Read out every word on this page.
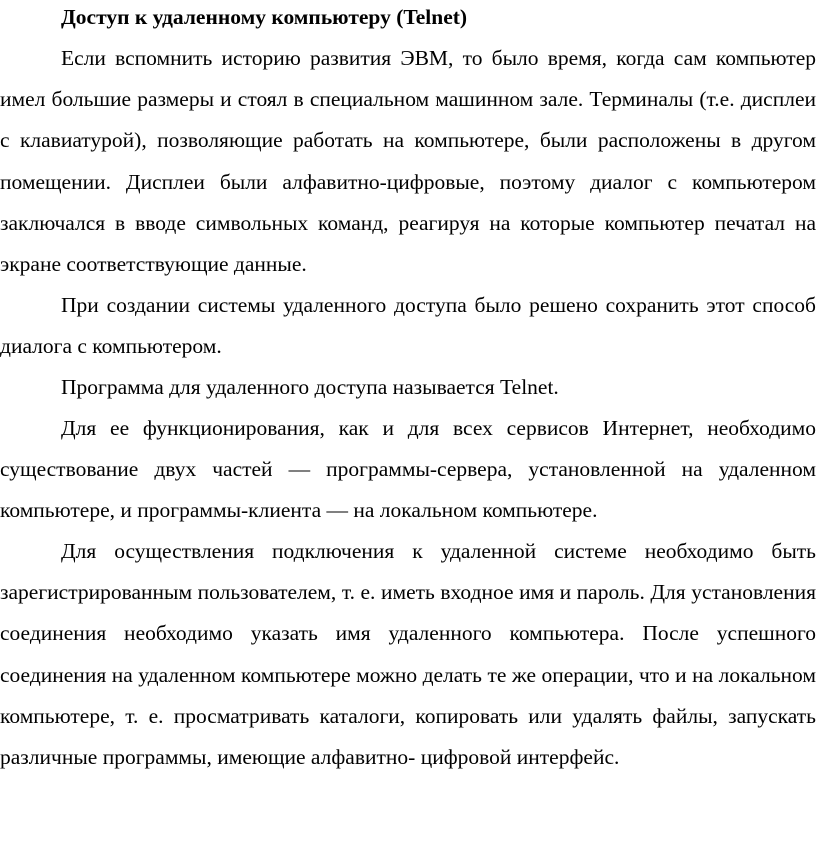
Доступ к удаленному компьютеру (Telnet)

Если вспомнить историю развития ЭВМ, то было время, когда сам компьютер имел большие размеры и стоял в специальном машинном зале. Терминалы (т.е. дисплеи с клавиатурой), позволяющие работать на компьютере, были расположены в другом помещении. Дисплеи были алфавитно-цифровые, поэтому диалог с компьютером заключался в вводе символьных команд, реагируя на которые компьютер печатал на экране соответствующие данные.

При создании системы удаленного доступа было решено сохранить этот способ диалога с компьютером.

Программа для удаленного доступа называется Telnet.

Для ее функционирования, как и для всех сервисов Интернет, необходимо существование двух частей — программы-сервера, установленной на удаленном компьютере, и программы-клиента — на локальном компьютере.

Для осуществления подключения к удаленной системе необходимо быть зарегистрированным пользователем, т. е. иметь входное имя и пароль. Для установления соединения необходимо указать имя удаленного компьютера. После успешного соединения на удаленном компьютере можно делать те же операции, что и на локальном компьютере, т. е. просматривать каталоги, копировать или удалять файлы, запускать различные программы, имеющие алфавитно- цифровой интерфейс.
